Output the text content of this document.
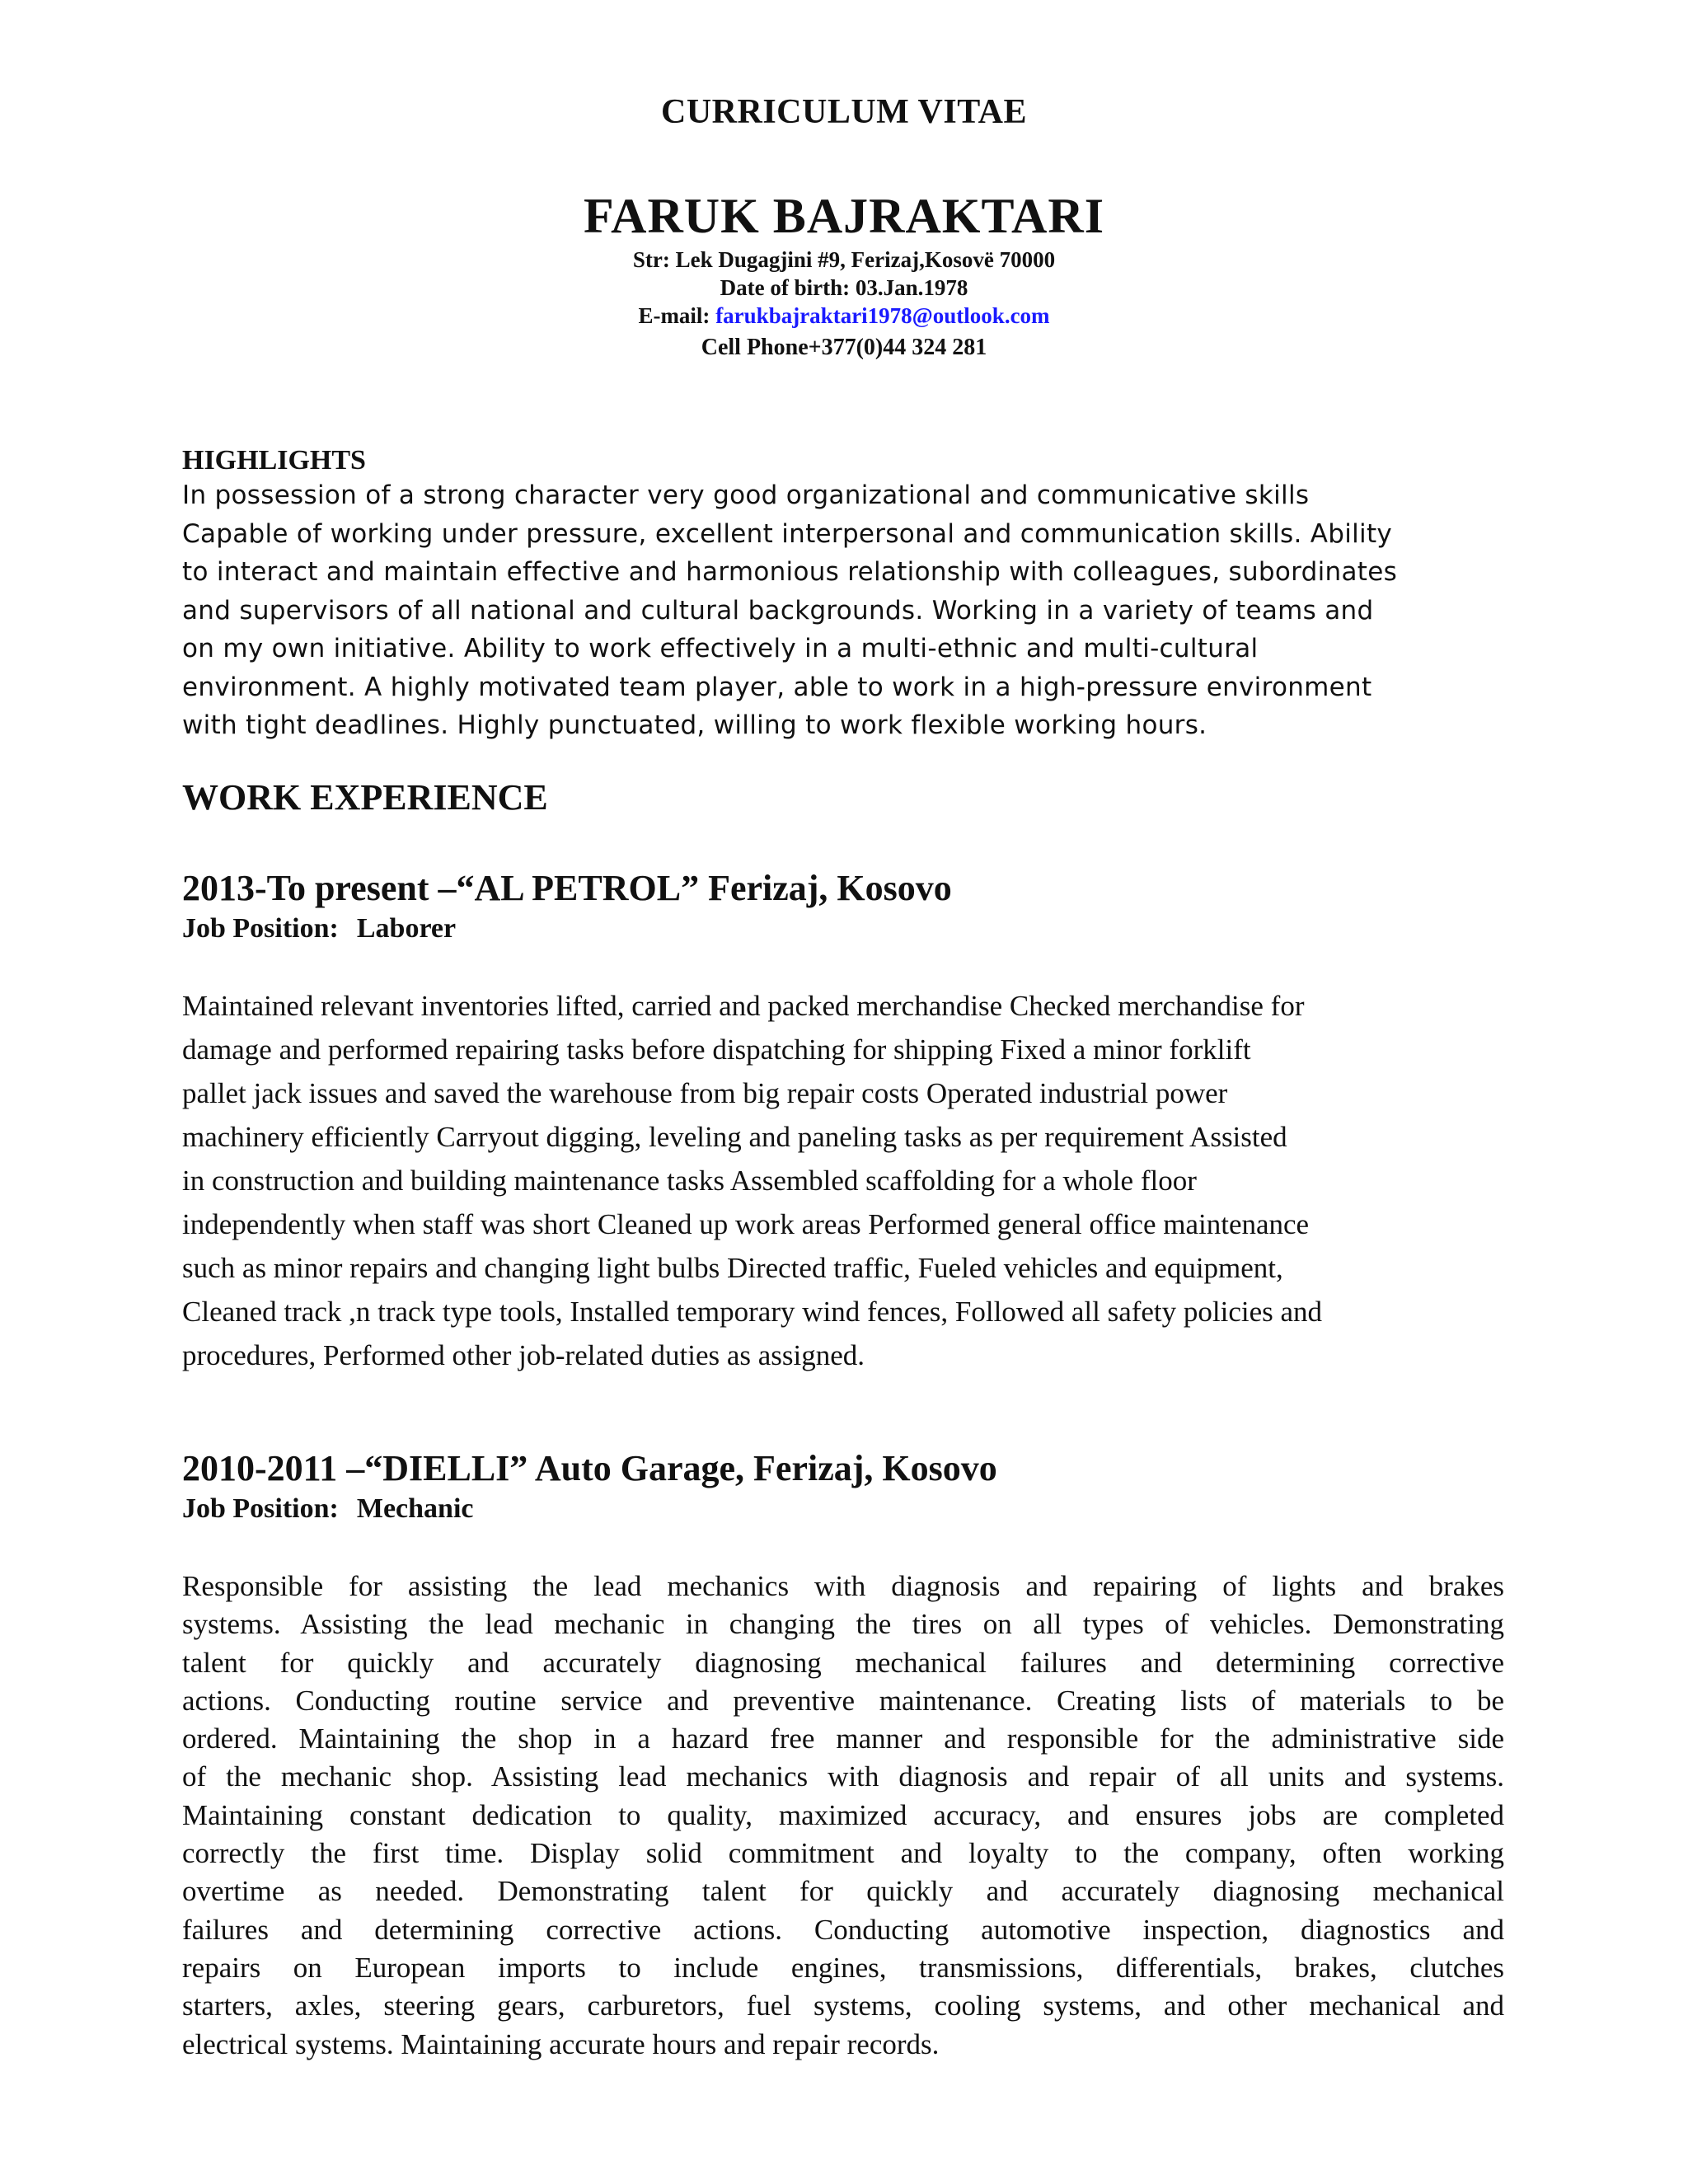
CURRICULUM VITAE
FARUK BAJRAKTARI
Str: Lek Dugagjini #9, Ferizaj,Kosovë 70000
Date of birth: 03.Jan.1978
E-mail: farukbajraktari1978@outlook.com
Cell Phone+377(0)44 324 281
HIGHLIGHTS
In possession of a strong character very good organizational and communicative skills
Capable of working under pressure, excellent interpersonal and communication skills. Ability
to interact and maintain effective and harmonious relationship with colleagues, subordinates
and supervisors of all national and cultural backgrounds. Working in a variety of teams and
on my own initiative. Ability to work effectively in a multi-ethnic and multi-cultural
environment. A highly motivated team player, able to work in a high-pressure environment
with tight deadlines. Highly punctuated, willing to work flexible working hours.
WORK EXPERIENCE
2013-To present –“AL PETROL” Ferizaj, Kosovo
Job Position: Laborer
Maintained relevant inventories lifted, carried and packed merchandise Checked merchandise for
damage and performed repairing tasks before dispatching for shipping Fixed a minor forklift
pallet jack issues and saved the warehouse from big repair costs Operated industrial power
machinery efficiently Carryout digging, leveling and paneling tasks as per requirement Assisted
in construction and building maintenance tasks Assembled scaffolding for a whole floor
independently when staff was short Cleaned up work areas Performed general office maintenance
such as minor repairs and changing light bulbs Directed traffic, Fueled vehicles and equipment,
Cleaned track ,n track type tools, Installed temporary wind fences, Followed all safety policies and
procedures, Performed other job-related duties as assigned.
2010-2011 –“DIELLI” Auto Garage, Ferizaj, Kosovo
Job Position: Mechanic
Responsible for assisting the lead mechanics with diagnosis and repairing of lights and brakes
systems. Assisting the lead mechanic in changing the tires on all types of vehicles. Demonstrating
talent for quickly and accurately diagnosing mechanical failures and determining corrective
actions. Conducting routine service and preventive maintenance. Creating lists of materials to be
ordered. Maintaining the shop in a hazard free manner and responsible for the administrative side
of the mechanic shop. Assisting lead mechanics with diagnosis and repair of all units and systems.
Maintaining constant dedication to quality, maximized accuracy, and ensures jobs are completed
correctly the first time. Display solid commitment and loyalty to the company, often working
overtime as needed. Demonstrating talent for quickly and accurately diagnosing mechanical
failures and determining corrective actions. Conducting automotive inspection, diagnostics and
repairs on European imports to include engines, transmissions, differentials, brakes, clutches
starters, axles, steering gears, carburetors, fuel systems, cooling systems, and other mechanical and
electrical systems. Maintaining accurate hours and repair records.
